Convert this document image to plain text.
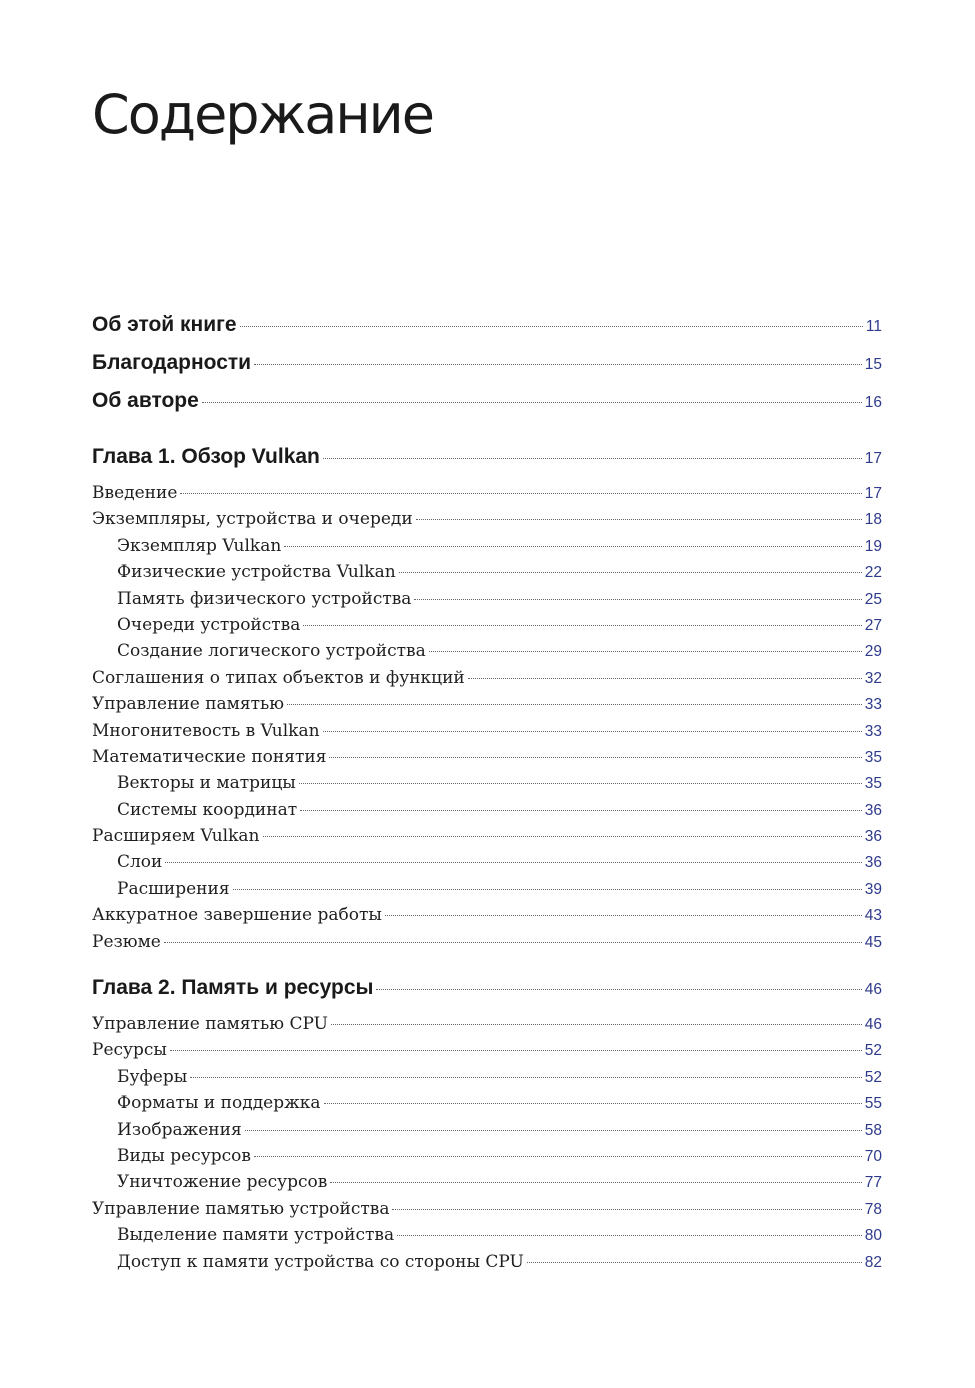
Содержание
Об этой книге	11
Благодарности	15
Об авторе	16
Глава 1. Обзор Vulkan	17
Введение	17
Экземпляры, устройства и очереди	18
Экземпляр Vulkan	19
Физические устройства Vulkan	22
Память физического устройства	25
Очереди устройства	27
Создание логического устройства	29
Соглашения о типах объектов и функций	32
Управление памятью	33
Многонитевость в Vulkan	33
Математические понятия	35
Векторы и матрицы	35
Системы координат	36
Расширяем Vulkan	36
Слои	36
Расширения	39
Аккуратное завершение работы	43
Резюме	45
Глава 2. Память и ресурсы	46
Управление памятью CPU	46
Ресурсы	52
Буферы	52
Форматы и поддержка	55
Изображения	58
Виды ресурсов	70
Уничтожение ресурсов	77
Управление памятью устройства	78
Выделение памяти устройства	80
Доступ к памяти устройства со стороны CPU	82
